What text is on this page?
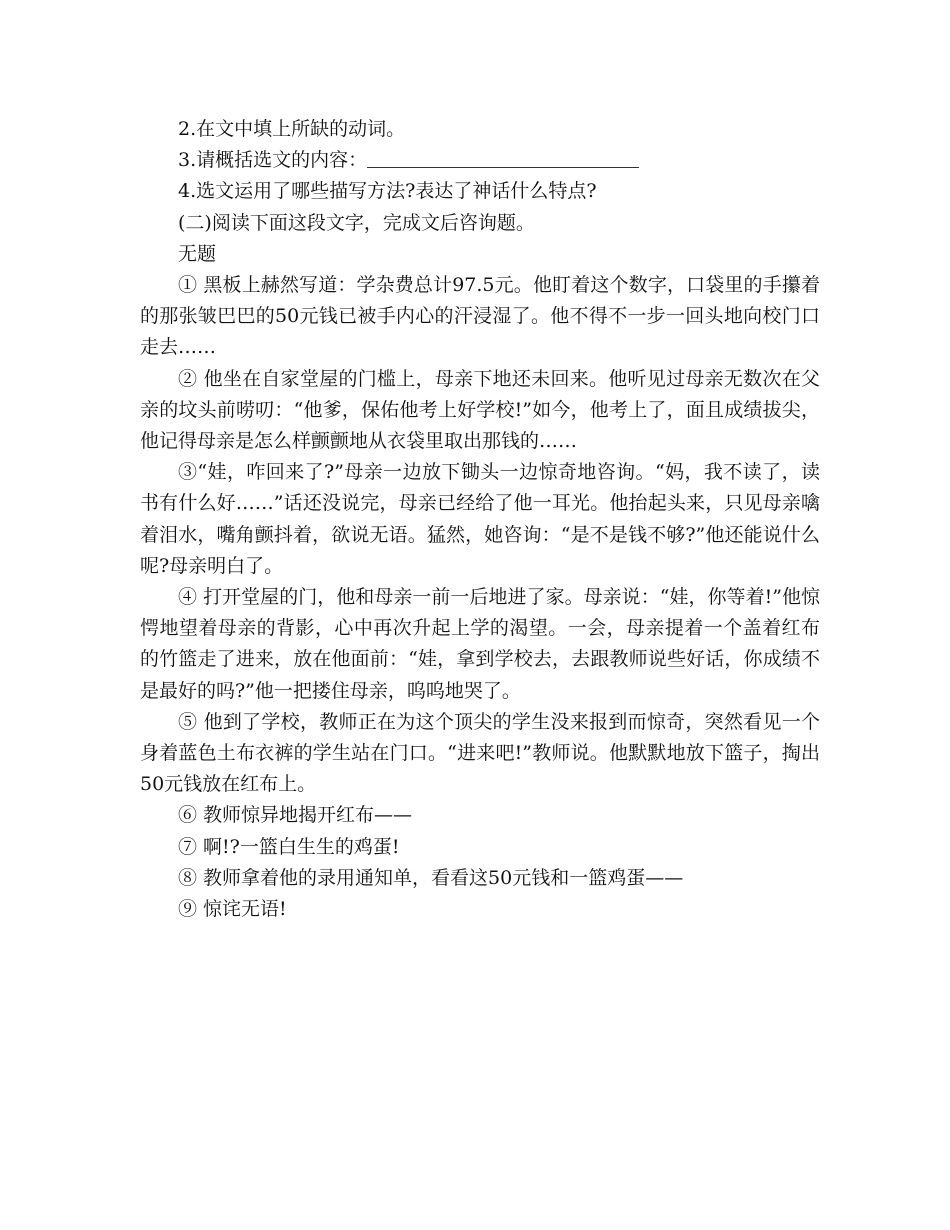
2.在文中填上所缺的动词。

3.请概括选文的内容：

4.选文运用了哪些描写方法?表达了神话什么特点?

(二)阅读下面这段文字，完成文后咨询题。

无题

① 黑板上赫然写道：学杂费总计97.5元。他盯着这个数字，口袋里的手攥着的那张皱巴巴的50元钱已被手内心的汗浸湿了。他不得不一步一回头地向校门口走去……

② 他坐在自家堂屋的门槛上，母亲下地还未回来。他听见过母亲无数次在父亲的坟头前唠叨：“他爹，保佑他考上好学校!”如今，他考上了，面且成绩拔尖，他记得母亲是怎么样颤颤地从衣袋里取出那钱的……

③“娃，咋回来了?”母亲一边放下锄头一边惊奇地咨询。“妈，我不读了，读书有什么好……”话还没说完，母亲已经给了他一耳光。他抬起头来，只见母亲噙着泪水，嘴角颤抖着，欲说无语。猛然，她咨询：“是不是钱不够?”他还能说什么呢?母亲明白了。

④ 打开堂屋的门，他和母亲一前一后地进了家。母亲说：“娃，你等着!”他惊愕地望着母亲的背影，心中再次升起上学的渴望。一会，母亲提着一个盖着红布的竹篮走了进来，放在他面前：“娃，拿到学校去，去跟教师说些好话，你成绩不是最好的吗?”他一把搂住母亲，呜呜地哭了。

⑤ 他到了学校，教师正在为这个顶尖的学生没来报到而惊奇，突然看见一个身着蓝色土布衣裤的学生站在门口。“进来吧!”教师说。他默默地放下篮子，掏出50元钱放在红布上。

⑥ 教师惊异地揭开红布——

⑦ 啊!?一篮白生生的鸡蛋!

⑧ 教师拿着他的录用通知单，看看这50元钱和一篮鸡蛋——

⑨ 惊诧无语!
